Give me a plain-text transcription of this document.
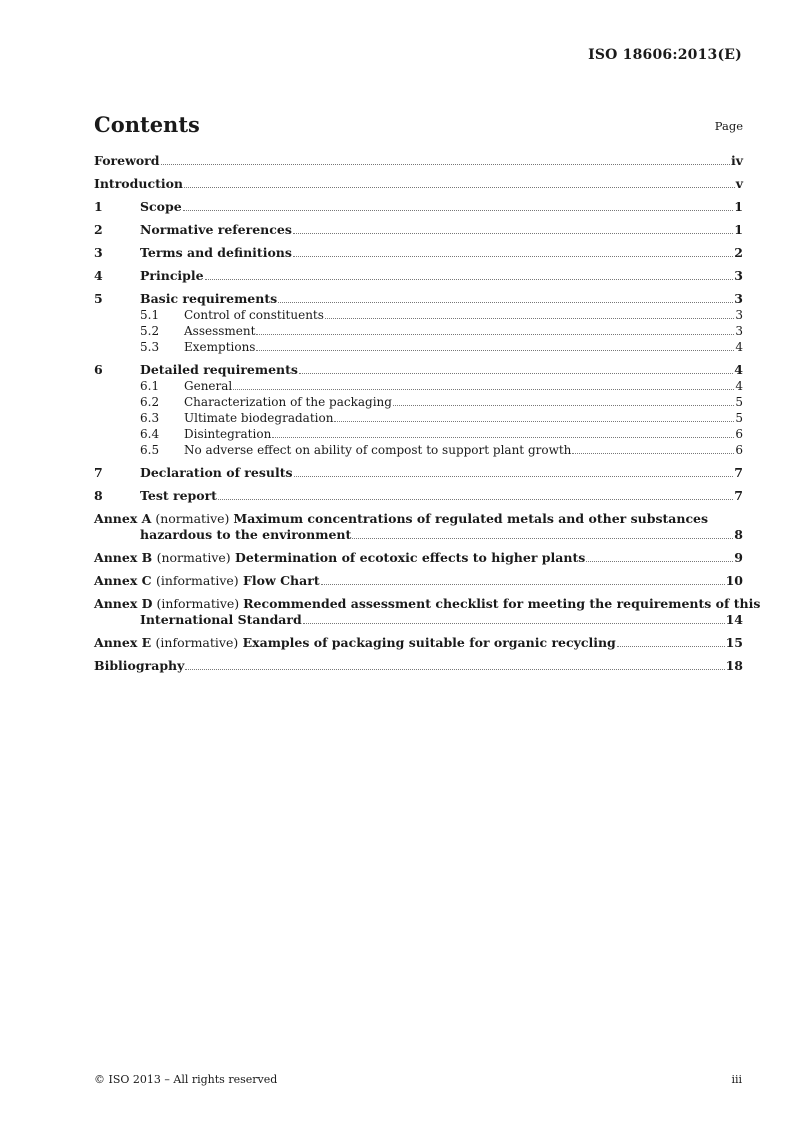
ISO 18606:2013(E)
Contents	Page
Foreword	iv
Introduction	v
1	Scope	1
2	Normative references	1
3	Terms and definitions	2
4	Principle	3
5	Basic requirements	3
5.1	Control of constituents	3
5.2	Assessment	3
5.3	Exemptions	4
6	Detailed requirements	4
6.1	General	4
6.2	Characterization of the packaging	5
6.3	Ultimate biodegradation	5
6.4	Disintegration	6
6.5	No adverse effect on ability of compost to support plant growth	6
7	Declaration of results	7
8	Test report	7
Annex A (normative) Maximum concentrations of regulated metals and other substances
hazardous to the environment	8
Annex B (normative) Determination of ecotoxic effects to higher plants	9
Annex C (informative) Flow Chart	10
Annex D (informative) Recommended assessment checklist for meeting the requirements of this
International Standard	14
Annex E (informative) Examples of packaging suitable for organic recycling	15
Bibliography	18
© ISO 2013 – All rights reserved	iii
